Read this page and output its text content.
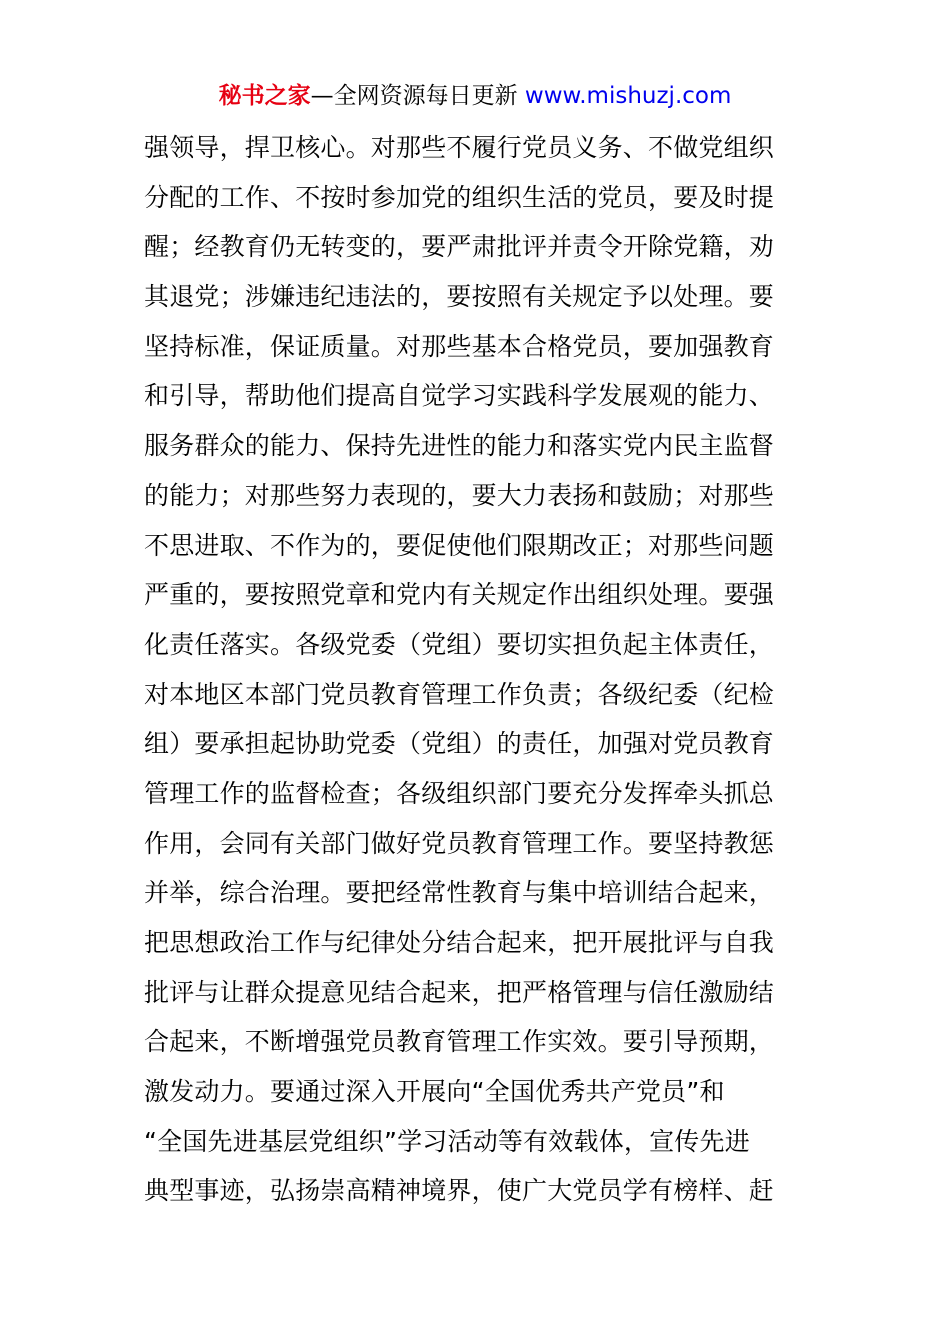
秘书之家—全网资源每日更新 www.mishuzj.com
强领导，捍卫核心。对那些不履行党员义务、不做党组织
分配的工作、不按时参加党的组织生活的党员，要及时提
醒；经教育仍无转变的，要严肃批评并责令开除党籍，劝
其退党；涉嫌违纪违法的，要按照有关规定予以处理。要
坚持标准，保证质量。对那些基本合格党员，要加强教育
和引导，帮助他们提高自觉学习实践科学发展观的能力、
服务群众的能力、保持先进性的能力和落实党内民主监督
的能力；对那些努力表现的，要大力表扬和鼓励；对那些
不思进取、不作为的，要促使他们限期改正；对那些问题
严重的，要按照党章和党内有关规定作出组织处理。要强
化责任落实。各级党委（党组）要切实担负起主体责任，
对本地区本部门党员教育管理工作负责；各级纪委（纪检
组）要承担起协助党委（党组）的责任，加强对党员教育
管理工作的监督检查；各级组织部门要充分发挥牵头抓总
作用，会同有关部门做好党员教育管理工作。要坚持教惩
并举，综合治理。要把经常性教育与集中培训结合起来，
把思想政治工作与纪律处分结合起来，把开展批评与自我
批评与让群众提意见结合起来，把严格管理与信任激励结
合起来，不断增强党员教育管理工作实效。要引导预期，
激发动力。要通过深入开展向“全国优秀共产党员”和
“全国先进基层党组织”学习活动等有效载体，宣传先进
典型事迹，弘扬崇高精神境界，使广大党员学有榜样、赶
